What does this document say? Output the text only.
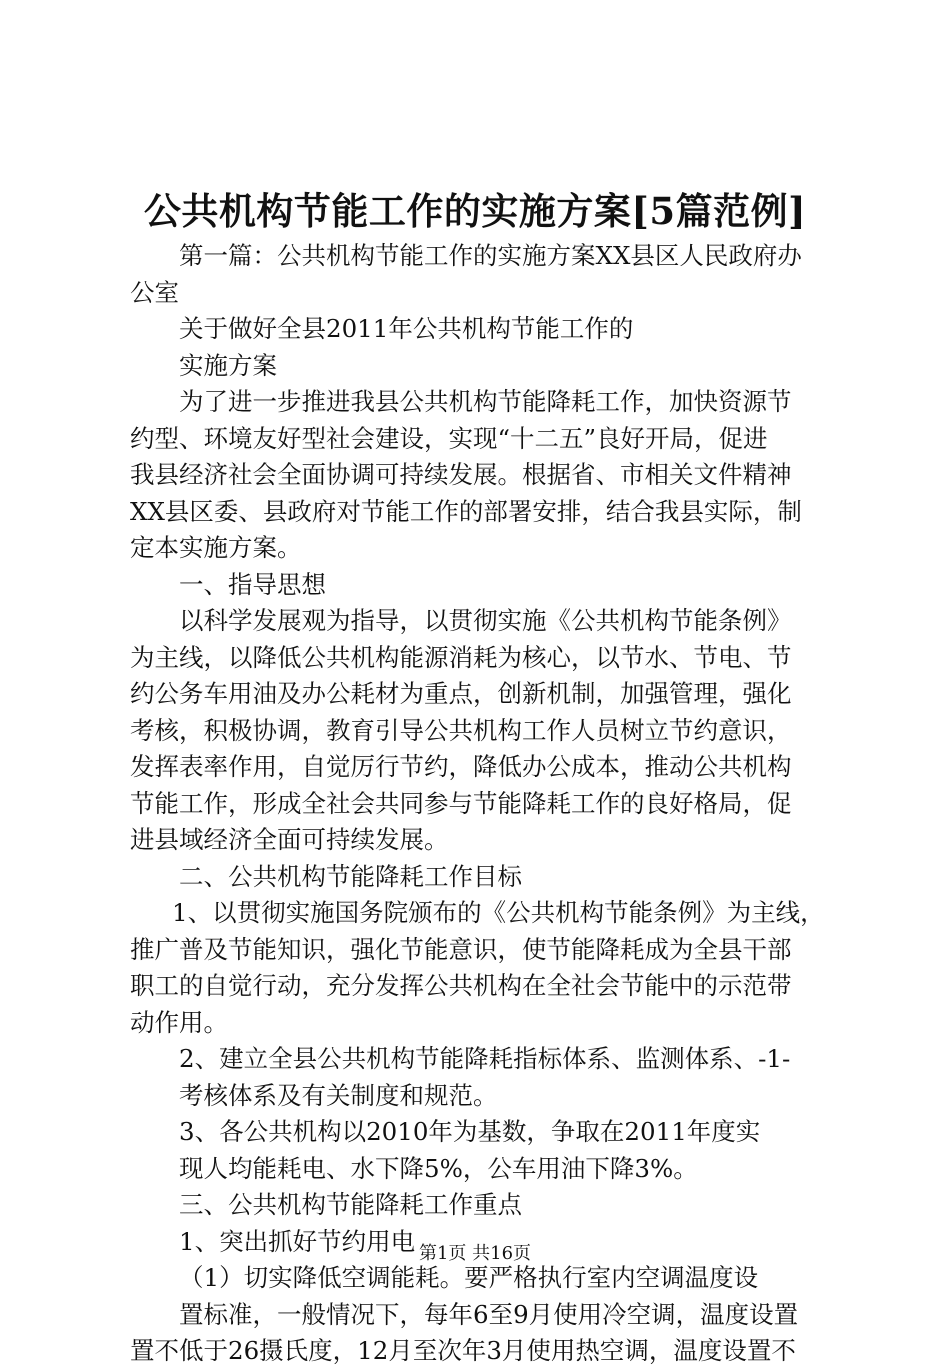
公共机构节能工作的实施方案[5篇范例]
第一篇：公共机构节能工作的实施方案XX县区人民政府办
公室
关于做好全县2011年公共机构节能工作的
实施方案
为了进一步推进我县公共机构节能降耗工作，加快资源节
约型、环境友好型社会建设，实现“十二五”良好开局，促进
我县经济社会全面协调可持续发展。根据省、市相关文件精神
XX县区委、县政府对节能工作的部署安排，结合我县实际，制
定本实施方案。
一、指导思想
以科学发展观为指导，以贯彻实施《公共机构节能条例》
为主线，以降低公共机构能源消耗为核心，以节水、节电、节
约公务车用油及办公耗材为重点，创新机制，加强管理，强化
考核，积极协调，教育引导公共机构工作人员树立节约意识，
发挥表率作用，自觉厉行节约，降低办公成本，推动公共机构
节能工作，形成全社会共同参与节能降耗工作的良好格局，促
进县域经济全面可持续发展。
二、公共机构节能降耗工作目标
1、以贯彻实施国务院颁布的《公共机构节能条例》为主线，
推广普及节能知识，强化节能意识，使节能降耗成为全县干部
职工的自觉行动，充分发挥公共机构在全社会节能中的示范带
动作用。
2、建立全县公共机构节能降耗指标体系、监测体系、-1-
考核体系及有关制度和规范。
3、各公共机构以2010年为基数，争取在2011年度实
现人均能耗电、水下降5%，公车用油下降3%。
三、公共机构节能降耗工作重点
1、突出抓好节约用电
（1）切实降低空调能耗。要严格执行室内空调温度设
置标准，一般情况下，每年6至9月使用冷空调，温度设置
置不低于26摄氏度，12月至次年3月使用热空调，温度设置不
第1页 共16页
